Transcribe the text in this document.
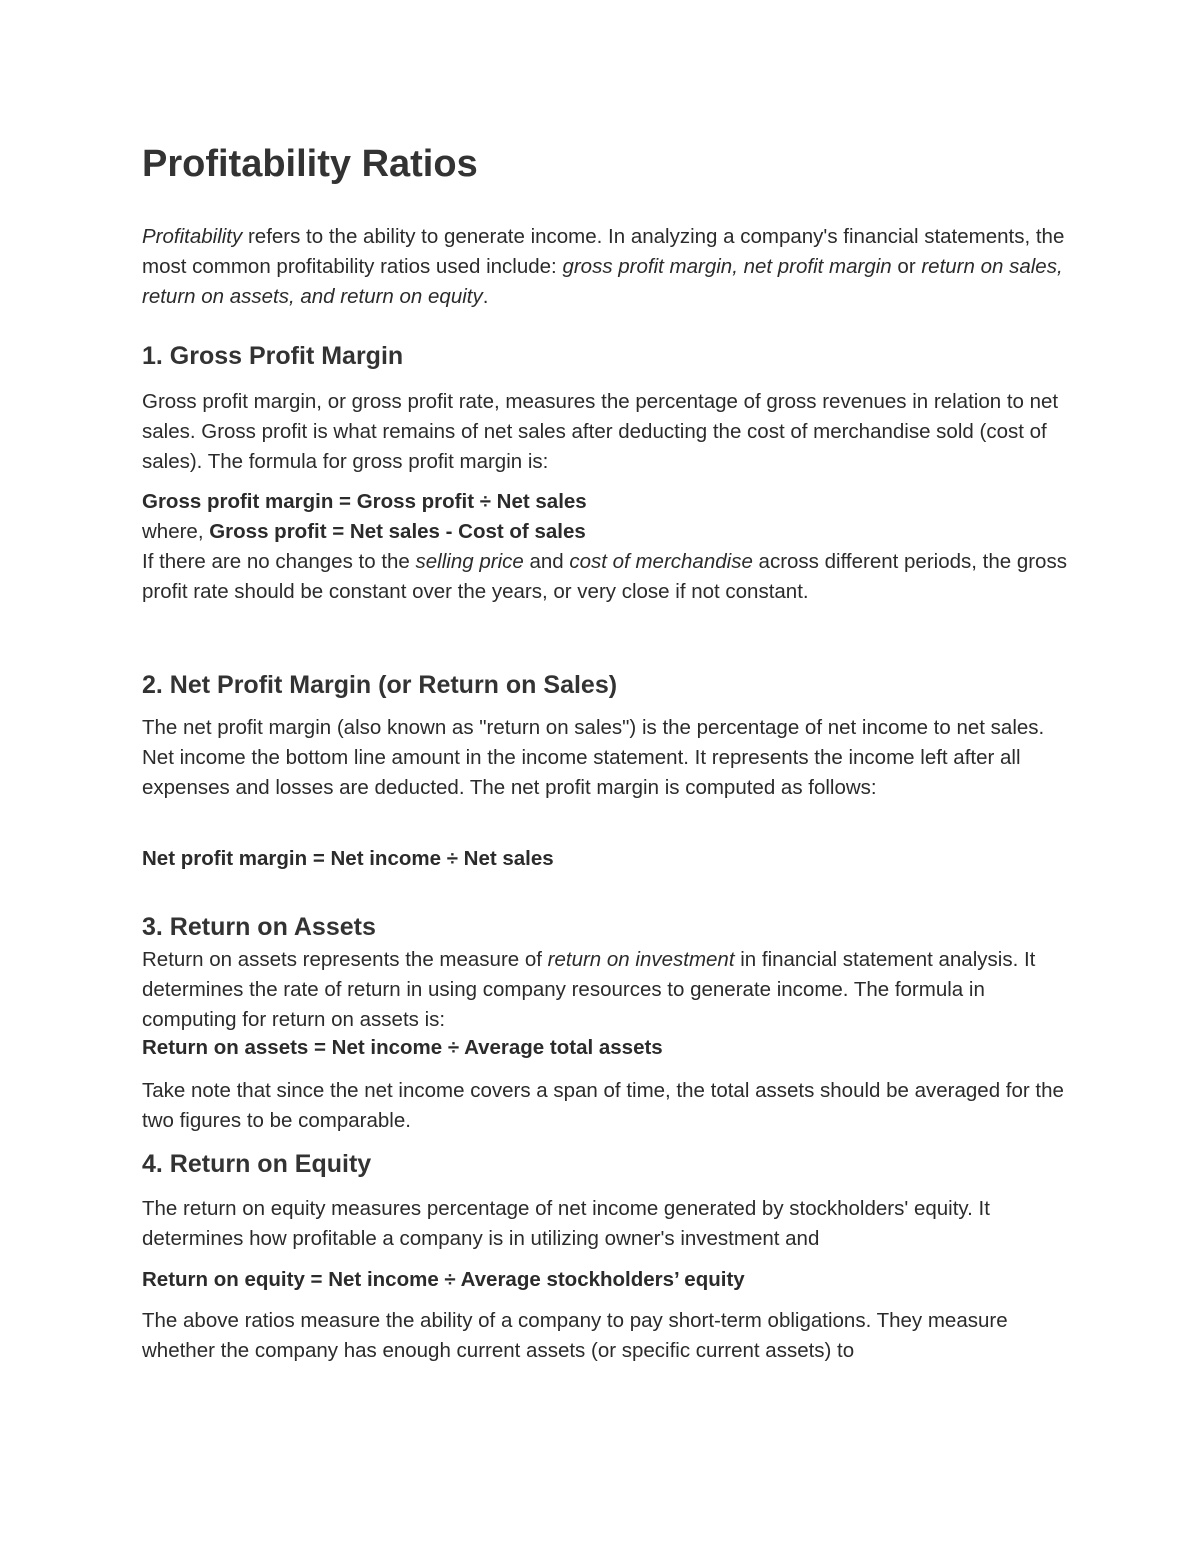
Profitability Ratios

Profitability refers to the ability to generate income. In analyzing a company's financial statements, the most common profitability ratios used include: gross profit margin, net profit margin or return on sales, return on assets, and return on equity.

1. Gross Profit Margin

Gross profit margin, or gross profit rate, measures the percentage of gross revenues in relation to net sales. Gross profit is what remains of net sales after deducting the cost of merchandise sold (cost of sales). The formula for gross profit margin is:

Gross profit margin = Gross profit ÷ Net sales

where, Gross profit = Net sales - Cost of sales

If there are no changes to the selling price and cost of merchandise across different periods, the gross profit rate should be constant over the years, or very close if not constant.

2. Net Profit Margin (or Return on Sales)

The net profit margin (also known as "return on sales") is the percentage of net income to net sales. Net income the bottom line amount in the income statement. It represents the income left after all expenses and losses are deducted. The net profit margin is computed as follows:

Net profit margin = Net income ÷ Net sales

3. Return on Assets

Return on assets represents the measure of return on investment in financial statement analysis. It determines the rate of return in using company resources to generate income. The formula in computing for return on assets is:

Return on assets = Net income ÷ Average total assets

Take note that since the net income covers a span of time, the total assets should be averaged for the two figures to be comparable.

4. Return on Equity

The return on equity measures percentage of net income generated by stockholders' equity. It determines how profitable a company is in utilizing owner's investment and

Return on equity = Net income ÷ Average stockholders’ equity

The above ratios measure the ability of a company to pay short-term obligations. They measure whether the company has enough current assets (or specific current assets) to
